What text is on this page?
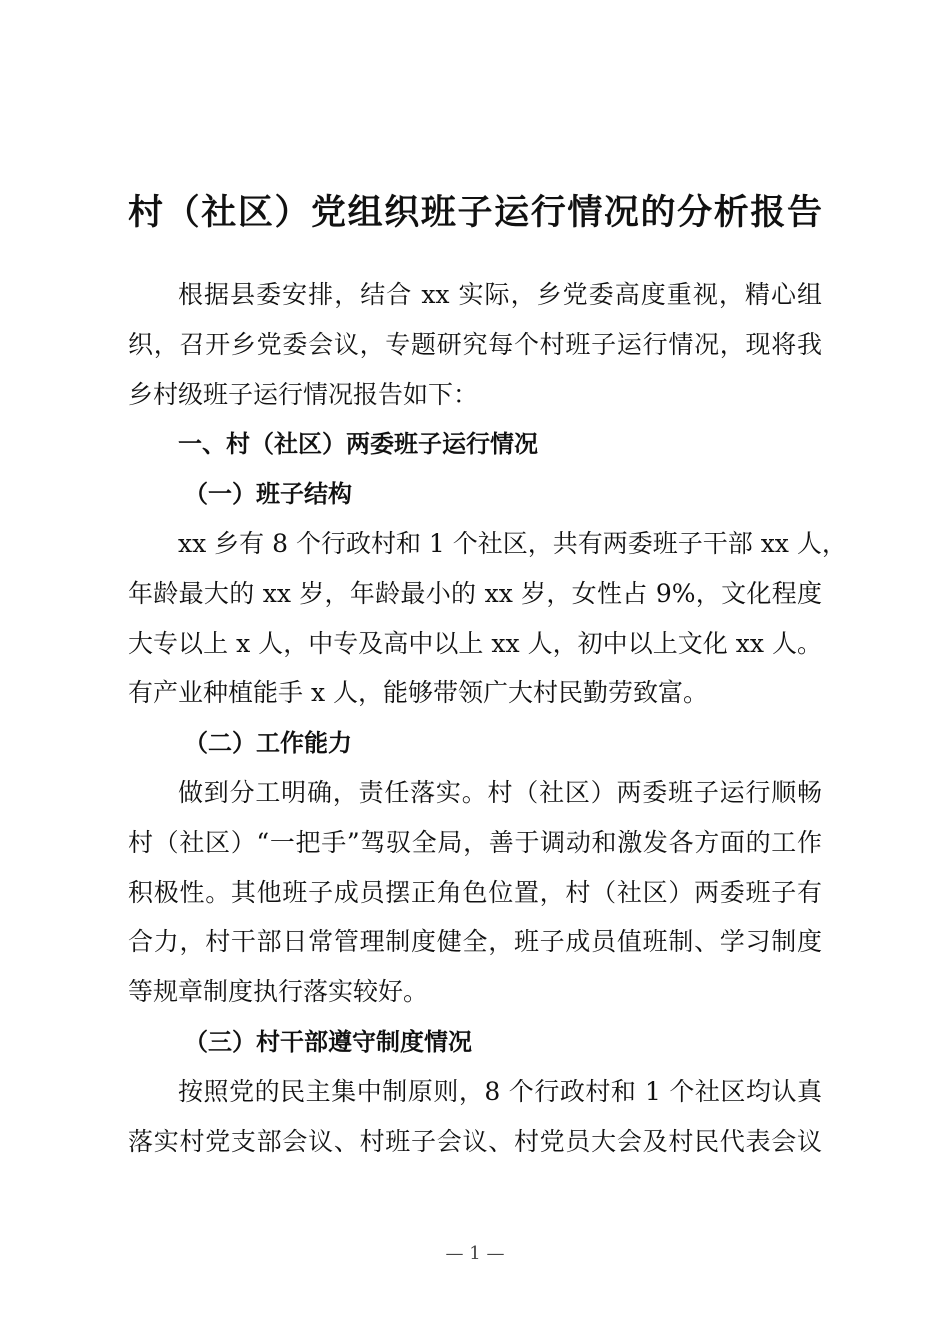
村（社区）党组织班子运行情况的分析报告
根据县委安排，结合 xx 实际，乡党委高度重视，精心组
织，召开乡党委会议，专题研究每个村班子运行情况，现将我
乡村级班子运行情况报告如下：
一、村（社区）两委班子运行情况
（一）班子结构
xx 乡有 8 个行政村和 1 个社区，共有两委班子干部 xx 人，
年龄最大的 xx 岁，年龄最小的 xx 岁，女性占 9%，文化程度
大专以上 x 人，中专及高中以上 xx 人，初中以上文化 xx 人。
有产业种植能手 x 人，能够带领广大村民勤劳致富。
（二）工作能力
做到分工明确，责任落实。村（社区）两委班子运行顺畅
村（社区）“一把手”驾驭全局，善于调动和激发各方面的工作
积极性。其他班子成员摆正角色位置，村（社区）两委班子有
合力，村干部日常管理制度健全，班子成员值班制、学习制度
等规章制度执行落实较好。
（三）村干部遵守制度情况
按照党的民主集中制原则，8 个行政村和 1 个社区均认真
落实村党支部会议、村班子会议、村党员大会及村民代表会议
— 1 —
